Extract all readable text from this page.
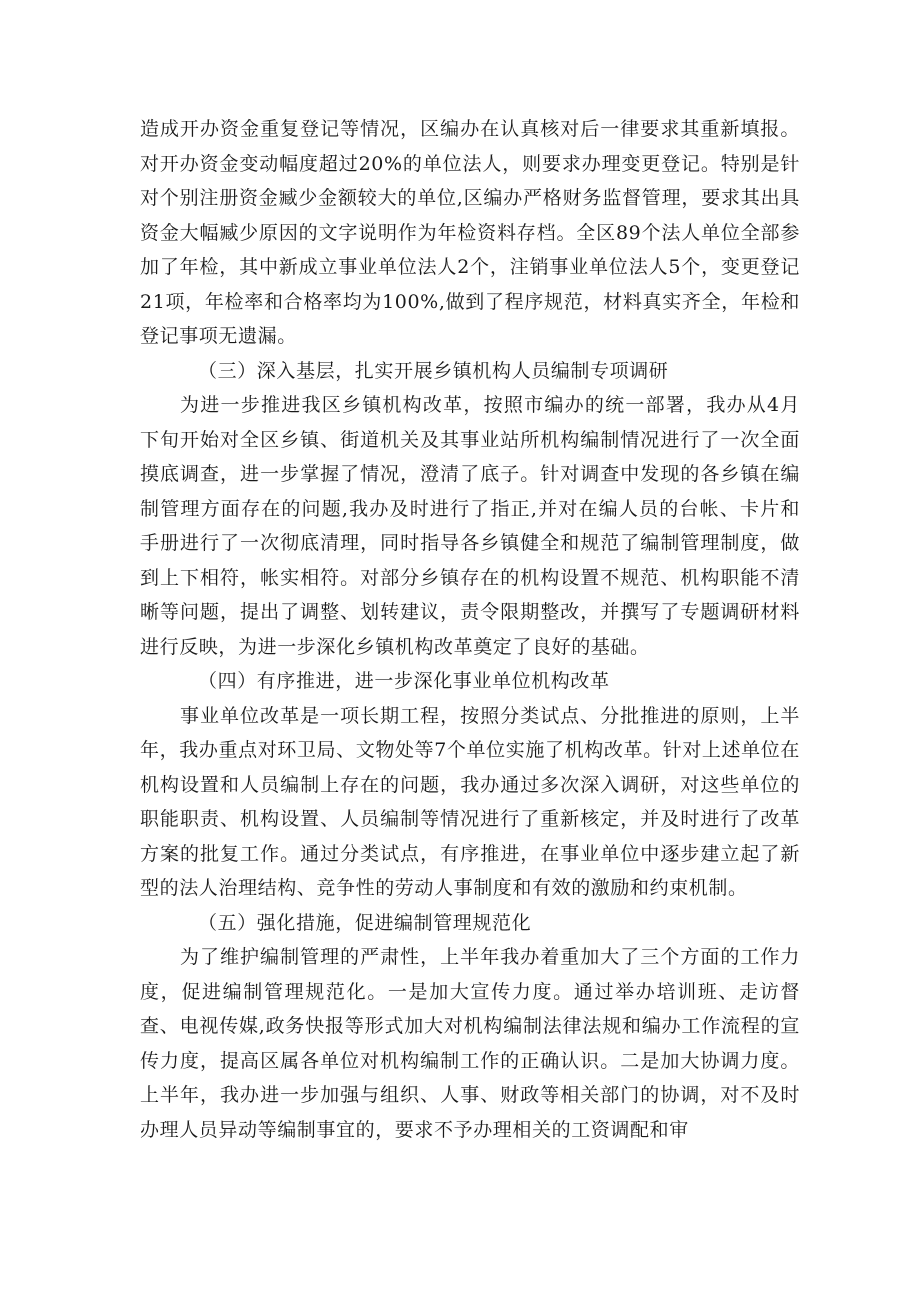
造成开办资金重复登记等情况，区编办在认真核对后一律要求其重新填报。对开办资金变动幅度超过20%的单位法人，则要求办理变更登记。特别是针对个别注册资金臧少金额较大的单位,区编办严格财务监督管理，要求其出具资金大幅臧少原因的文字说明作为年检资料存档。全区89个法人单位全部参加了年检，其中新成立事业单位法人2个，注销事业单位法人5个，变更登记21项，年检率和合格率均为100%,做到了程序规范，材料真实齐全，年检和登记事项无遗漏。

（三）深入基层，扎实开展乡镇机构人员编制专项调研

为进一步推进我区乡镇机构改革，按照市编办的统一部署，我办从4月下旬开始对全区乡镇、街道机关及其事业站所机构编制情况进行了一次全面摸底调查，进一步掌握了情况，澄清了底子。针对调查中发现的各乡镇在编制管理方面存在的问题,我办及时进行了指正,并对在编人员的台帐、卡片和手册进行了一次彻底清理，同时指导各乡镇健全和规范了编制管理制度，做到上下相符，帐实相符。对部分乡镇存在的机构设置不规范、机构职能不清晰等问题，提出了调整、划转建议，责令限期整改，并撰写了专题调研材料进行反映，为进一步深化乡镇机构改革奠定了良好的基础。

（四）有序推进，进一步深化事业单位机构改革

事业单位改革是一项长期工程，按照分类试点、分批推进的原则，上半年，我办重点对环卫局、文物处等7个单位实施了机构改革。针对上述单位在机构设置和人员编制上存在的问题，我办通过多次深入调研，对这些单位的职能职责、机构设置、人员编制等情况进行了重新核定，并及时进行了改革方案的批复工作。通过分类试点，有序推进，在事业单位中逐步建立起了新型的法人治理结构、竞争性的劳动人事制度和有效的激励和约束机制。

（五）强化措施，促进编制管理规范化

为了维护编制管理的严肃性，上半年我办着重加大了三个方面的工作力度，促进编制管理规范化。一是加大宣传力度。通过举办培训班、走访督查、电视传媒,政务快报等形式加大对机构编制法律法规和编办工作流程的宣传力度，提高区属各单位对机构编制工作的正确认识。二是加大协调力度。上半年，我办进一步加强与组织、人事、财政等相关部门的协调，对不及时办理人员异动等编制事宜的，要求不予办理相关的工资调配和审
